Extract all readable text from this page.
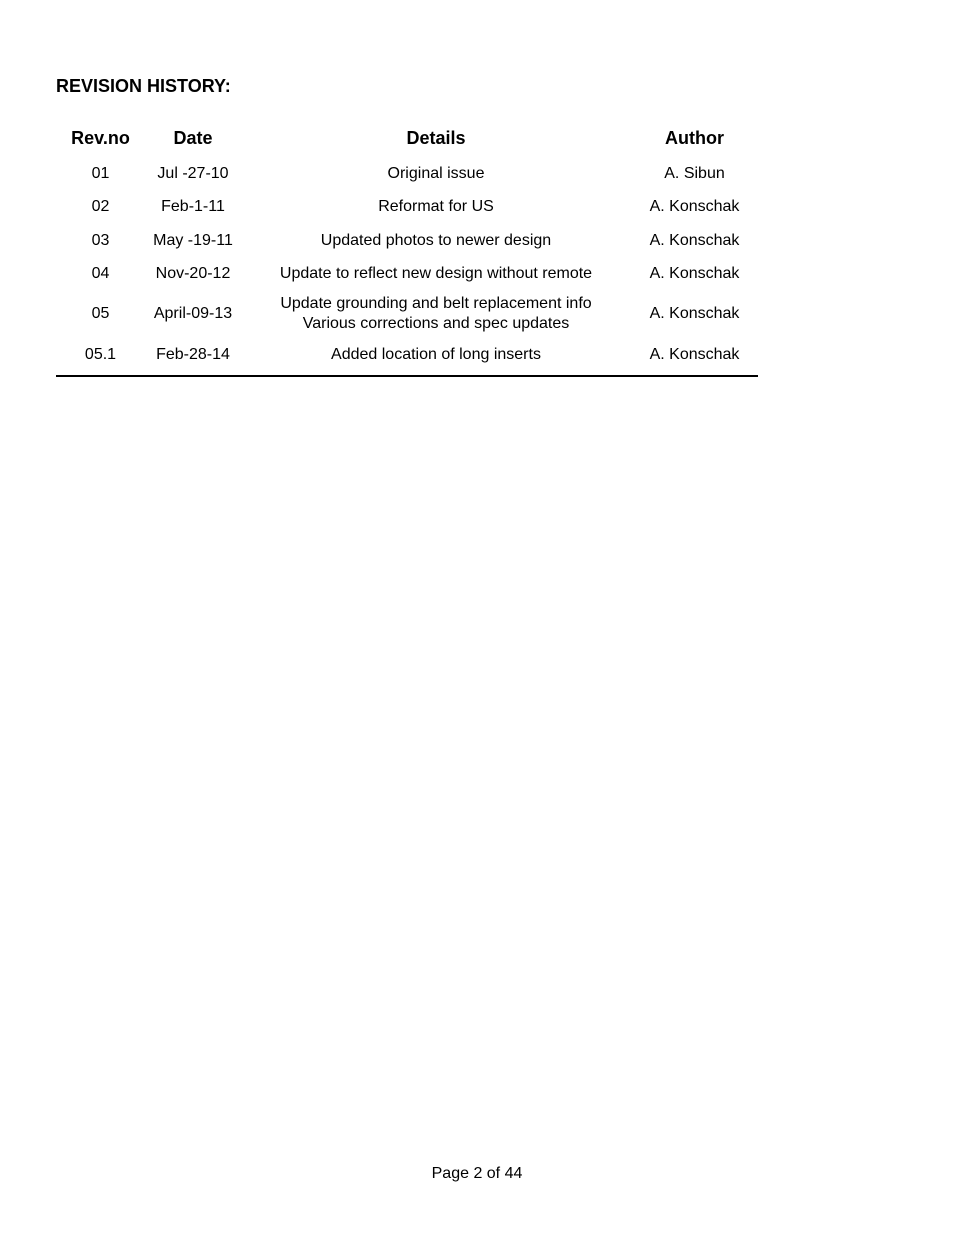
REVISION HISTORY:
Rev.no	Date	Details	Author
01	Jul -27-10	Original issue	A. Sibun
02	Feb-1-11	Reformat for US	A. Konschak
03	May -19-11	Updated photos to newer design	A. Konschak
04	Nov-20-12	Update to reflect new design without remote	A. Konschak
05	April-09-13	Update grounding and belt replacement info
Various corrections and spec updates	A. Konschak
05.1	Feb-28-14	Added location of long inserts	A. Konschak
Page 2 of 44
